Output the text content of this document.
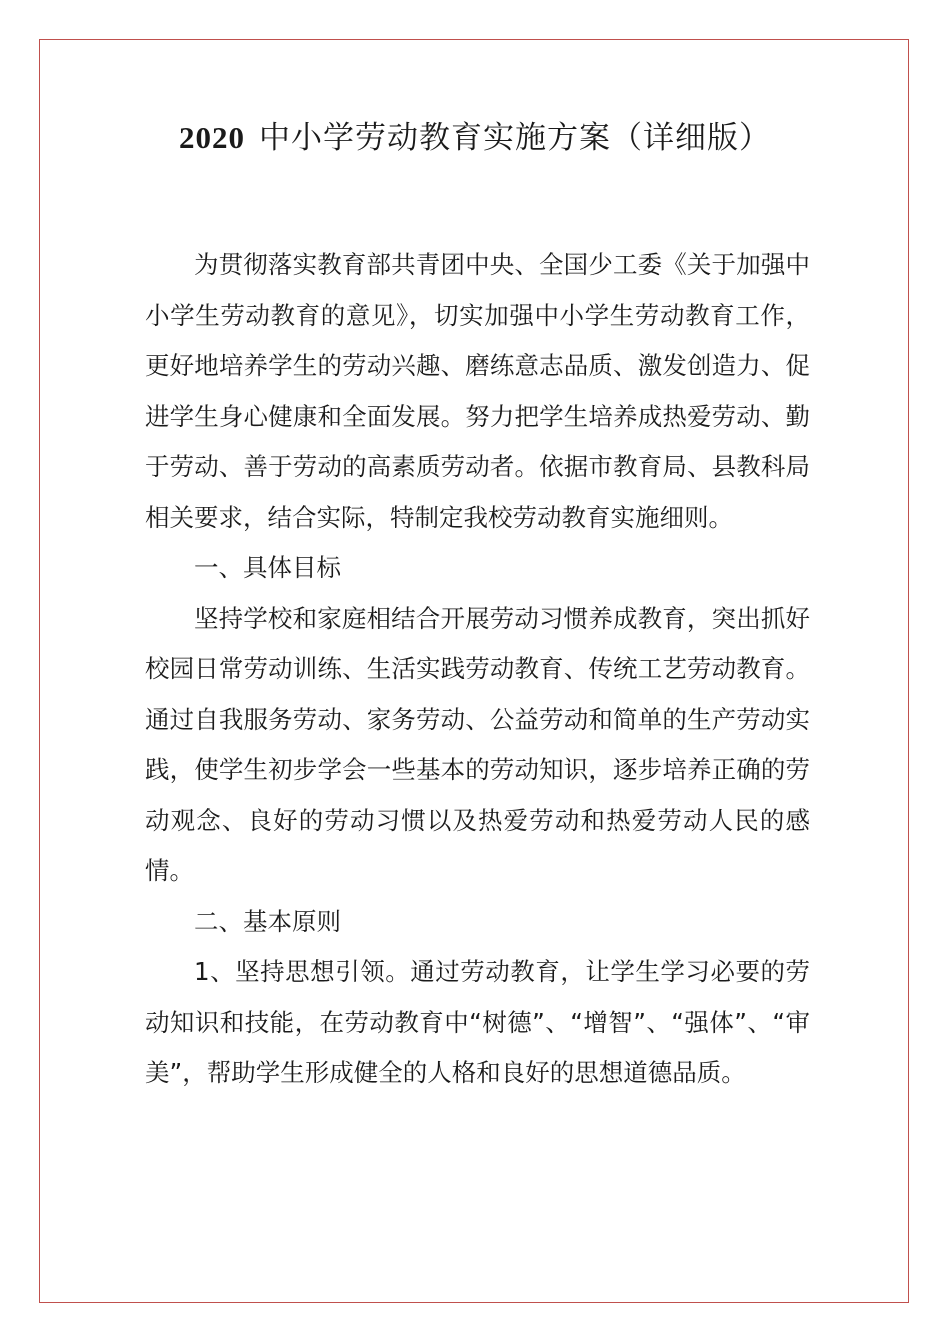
2020 中小学劳动教育实施方案（详细版）

为贯彻落实教育部共青团中央、全国少工委《关于加强中小学生劳动教育的意见》，切实加强中小学生劳动教育工作，更好地培养学生的劳动兴趣、磨练意志品质、激发创造力、促进学生身心健康和全面发展。努力把学生培养成热爱劳动、勤于劳动、善于劳动的高素质劳动者。依据市教育局、县教科局相关要求，结合实际，特制定我校劳动教育实施细则。

一、具体目标

坚持学校和家庭相结合开展劳动习惯养成教育，突出抓好校园日常劳动训练、生活实践劳动教育、传统工艺劳动教育。通过自我服务劳动、家务劳动、公益劳动和简单的生产劳动实践，使学生初步学会一些基本的劳动知识，逐步培养正确的劳动观念、良好的劳动习惯以及热爱劳动和热爱劳动人民的感情。

二、基本原则

1、坚持思想引领。通过劳动教育，让学生学习必要的劳动知识和技能，在劳动教育中“树德”、“增智”、“强体”、“审美”，帮助学生形成健全的人格和良好的思想道德品质。
